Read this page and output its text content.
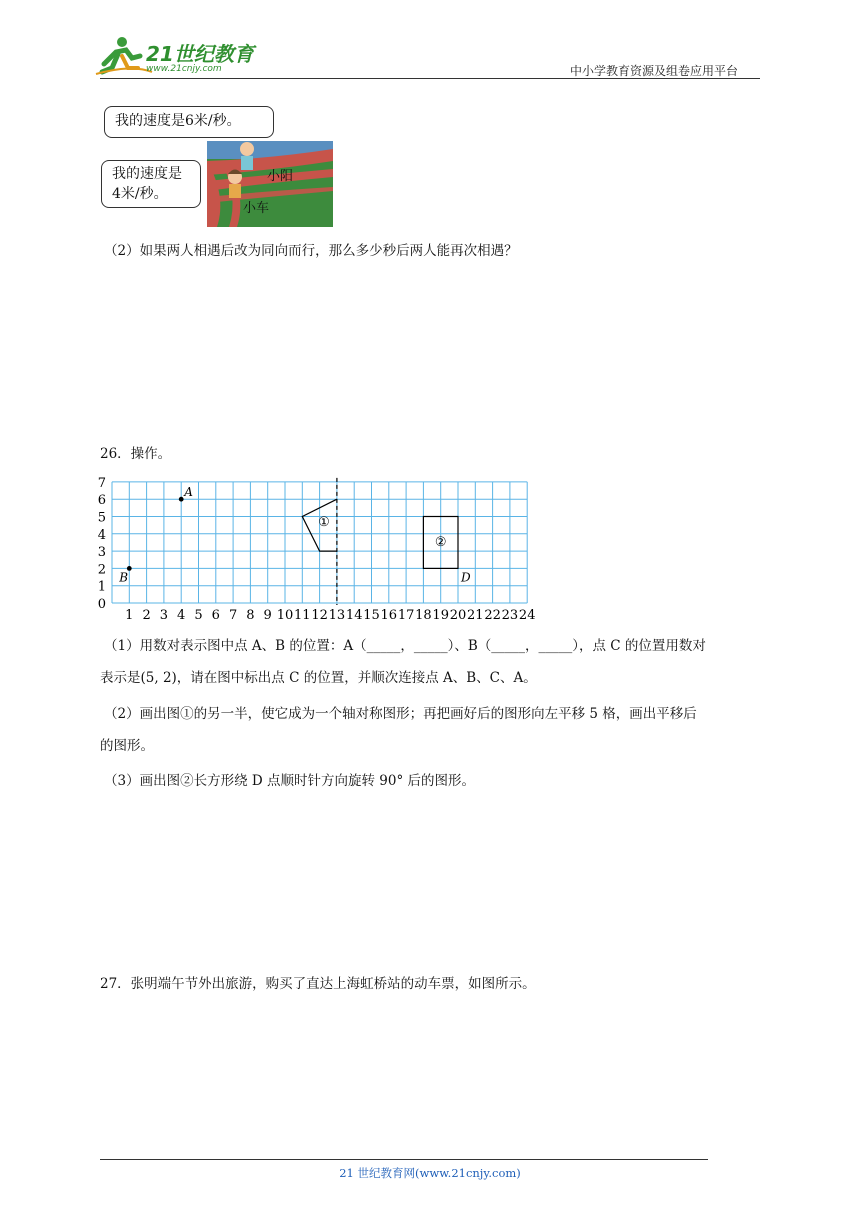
21世纪教育
www.21cnjy.com	中小学教育资源及组卷应用平台
我的速度是6米/秒。
我的速度是
4米/秒。
小阳
小车
（2）如果两人相遇后改为同向而行，那么多少秒后两人能再次相遇？
26．操作。
0
1
2
3
4
5
6
7
1 2 3 4 5 6 7 8 9 10 11 12 13 14 15 16 17 18 19 20 21 22 23 24
A
B
①
②
D
（1）用数对表示图中点 A、B 的位置：A（_____，_____）、B（_____，_____），点 C 的位置用数对
表示是(5, 2)，请在图中标出点 C 的位置，并顺次连接点 A、B、C、A。
（2）画出图①的另一半，使它成为一个轴对称图形；再把画好后的图形向左平移 5 格，画出平移后
的图形。
（3）画出图②长方形绕 D 点顺时针方向旋转 90° 后的图形。
27．张明端午节外出旅游，购买了直达上海虹桥站的动车票，如图所示。
21 世纪教育网(www.21cnjy.com)
